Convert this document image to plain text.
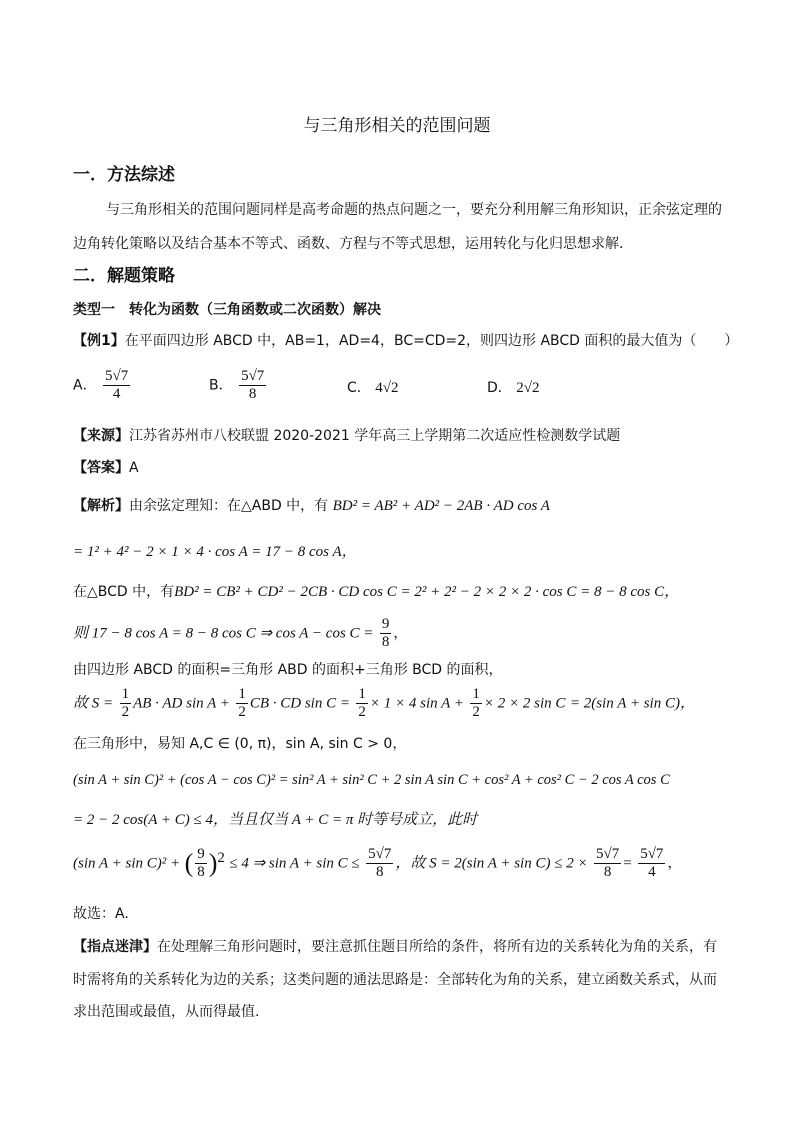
与三角形相关的范围问题
一．方法综述
与三角形相关的范围问题同样是高考命题的热点问题之一，要充分利用解三角形知识，正余弦定理的
边角转化策略以及结合基本不等式、函数、方程与不等式思想，运用转化与化归思想求解．
二．解题策略
类型一　转化为函数（三角函数或二次函数）解决
【例1】在平面四边形 ABCD 中，AB=1，AD=4，BC=CD=2，则四边形 ABCD 面积的最大值为（　　）
A． $\frac{5√7}{4}$	B． $\frac{5√7}{8}$	C． 4√2	D． 2√2
【来源】江苏省苏州市八校联盟 2020-2021 学年高三上学期第二次适应性检测数学试题
【答案】A
【解析】由余弦定理知：在△ABD 中，有 BD² = AB² + AD² − 2AB · AD cos A
= 1² + 4² − 2 × 1 × 4 · cos A = 17 − 8 cos A，
在△BCD 中，有BD² = CB² + CD² − 2CB · CD cos C = 2² + 2² − 2 × 2 × 2 · cos C = 8 − 8 cos C，
则 17 − 8 cos A = 8 − 8 cos C ⇒ $\cos A - \cos C = \frac{9}{8}$ ，
由四边形 ABCD 的面积=三角形 ABD 的面积+三角形 BCD 的面积，
故 $S = \frac{1}{2}$ AB · AD $\sin A + \frac{1}{2}$ CB · CD $\sin C = \frac{1}{2} \times 1 \times 4$ $\sin A + \frac{1}{2} \times 2 \times 2$ sin C = 2(sin A + sin C)，
在三角形中，易知 A,C ∈ (0, π)，sin A, sin C > 0，
(sin A + sin C)² + (cos A − cos C)² = sin² A + sin² C + 2 sin A sin C + cos² A + cos² C − 2 cos A cos C
= 2 − 2 cos(A + C) ≤ 4，当且仅当 A + C = π 时等号成立，此时
(sin A + sin C)² + ( $\frac{9}{8} )^2 \le 4$ ⇒ $\sin A + \sin C \le \frac{5√7}{8}$ ，故 S = 2(sin $A + \sin C) \le 2 \times \frac{5√7}{8} = \frac{5√7}{4}$ ，
故选：A.
【指点迷津】在处理解三角形问题时，要注意抓住题目所给的条件，将所有边的关系转化为角的关系，有
时需将角的关系转化为边的关系；这类问题的通法思路是：全部转化为角的关系，建立函数关系式，从而
求出范围或最值，从而得最值.
